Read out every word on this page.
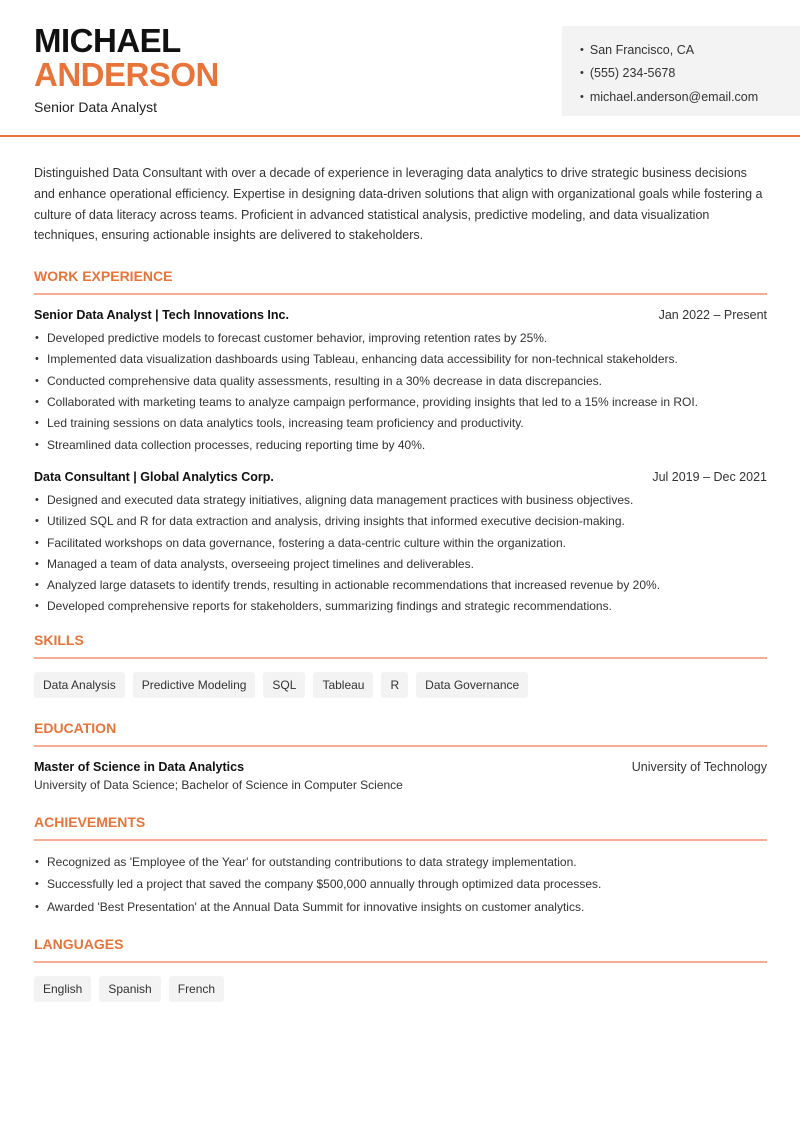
MICHAEL
ANDERSON
Senior Data Analyst
• San Francisco, CA
• (555) 234-5678
• michael.anderson@email.com

Distinguished Data Consultant with over a decade of experience in leveraging data analytics to drive strategic business decisions and enhance operational efficiency. Expertise in designing data-driven solutions that align with organizational goals while fostering a culture of data literacy across teams. Proficient in advanced statistical analysis, predictive modeling, and data visualization techniques, ensuring actionable insights are delivered to stakeholders.

WORK EXPERIENCE
Senior Data Analyst | Tech Innovations Inc.	Jan 2022 – Present
• Developed predictive models to forecast customer behavior, improving retention rates by 25%.
• Implemented data visualization dashboards using Tableau, enhancing data accessibility for non-technical stakeholders.
• Conducted comprehensive data quality assessments, resulting in a 30% decrease in data discrepancies.
• Collaborated with marketing teams to analyze campaign performance, providing insights that led to a 15% increase in ROI.
• Led training sessions on data analytics tools, increasing team proficiency and productivity.
• Streamlined data collection processes, reducing reporting time by 40%.
Data Consultant | Global Analytics Corp.	Jul 2019 – Dec 2021
• Designed and executed data strategy initiatives, aligning data management practices with business objectives.
• Utilized SQL and R for data extraction and analysis, driving insights that informed executive decision-making.
• Facilitated workshops on data governance, fostering a data-centric culture within the organization.
• Managed a team of data analysts, overseeing project timelines and deliverables.
• Analyzed large datasets to identify trends, resulting in actionable recommendations that increased revenue by 20%.
• Developed comprehensive reports for stakeholders, summarizing findings and strategic recommendations.
SKILLS
Data Analysis	Predictive Modeling	SQL	Tableau	R	Data Governance
EDUCATION
Master of Science in Data Analytics	University of Technology
University of Data Science; Bachelor of Science in Computer Science
ACHIEVEMENTS
• Recognized as 'Employee of the Year' for outstanding contributions to data strategy implementation.
• Successfully led a project that saved the company $500,000 annually through optimized data processes.
• Awarded 'Best Presentation' at the Annual Data Summit for innovative insights on customer analytics.
LANGUAGES
English	Spanish	French
